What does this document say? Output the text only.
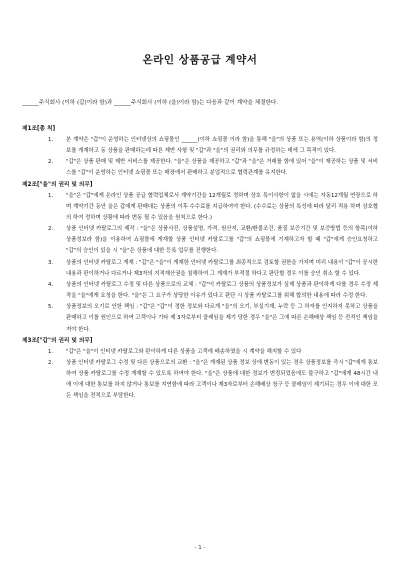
온라인 상품공급 계약서
______주식회사 (이하 (갑)이라 함)과 ______주식회사 (이하 (을)이라 함)는 다음과 같이 계약을 체결한다.

제1조[총 칙]

1.	본 계약은 "갑"이 운영하는 인터넷상의 쇼핑몰인 ______(이하 쇼핑몰 이라 함)을 통해 "을"의 상품 또는 용역(이하 상품이라 함)의 정보를 게재하고 동 상품을 판매하는데 따른 제반 사항 및 "갑"과 "을"의 권리와 의무를 규정하는 데에 그 목적이 있다.
2.	"갑"은 상품 판매 및 제반 서비스를 제공한다. "을"은 상품을 제공하고 "갑"과 "을"은 거래를 함에 있어 "을"이 제공하는 상품 및 서비스를 "갑"이 운영하는 인터넷 쇼핑몰 또는 매장에서 판매하고 분업적으로 협력관계를 유지한다.

제2조["을"의 권리 및 의무]

1.	"을"은 "갑"에게 온라인 상품 공급 협력업체로서 계약기간을 12개월로 정하며 상호 특이사항이 없을 시에는 자동12개월 연장으로 하며 계약기간 동안 을은 갑에게 판매대는 상품의 이후 수수료를 지급하여야 한다. (수수료는 상품의 특성에 따라 달리 적용 하며 상호협의 하여 정하며 상황에 따라 변동 될 수 있음을 원칙으로 한다.)
2.	상품 인터넷 카탈로그의 제작 : "을"은 상품사진, 상품설명, 가격, 원산지, 교환/환불조건, 품질 보증기간 및 보증방법 등의 항목(이하 상품정보라 함)을 이용하여 쇼핑몰에 게재할 상품 인터넷 카탈로그를 "갑"의 쇼핑몰에 기재하고자 할 때 "갑"에게 승인요청하고 "갑"의 승인이 있을 시 "을"은 상품에 대한 등록 업무를 진행한다.
3.	상품의 인터넷 카탈로그 게재 : "갑"은 "을"이 게재한 인터넷 카탈로그를 최종적으로 검토할 권한을 가지며 미리 내용이 "갑"이 공시한 내용과 판이하거나 다르거나 제3자의 지적재산권을 침해하여 그 게재가 부적절 하다고 판단할 경우 이를 승인 취소 할 수 있다.
4.	상품의 인터넷 카탈로그 수정 및 다른 상품으로의 교체 : "갑"이 카탈로그 상품의 상품정보가 실제 상품과 판이하게 다를 경우 수정 제작을 "을"에게 요청을 한다. "을"은 그 요구가 상당한 이유가 있다고 판단 시 상품 카탈로그를 위해 합의한 내용에 따라 수정 한다.
5.	상품정보의 오기로 인한 책임 : "갑"은 "갑"이 정한 정보와 다르게 "을"의 오기, 부실기재, 누락 등 그 하자를 인지하지 못하고 상품을 판매하고 이를 원인으로 하여 고객이나 기타 제 3자로부터 클레임을 제기 당한 경우 "을"은 그에 따른 손해배상 책임 등 전적인 책임을 져야 한다.

제3조["갑"의 권리 및 의무]

1.	"갑"은 "을"이 인터넷 카탈로그와 판이하게 다른 상품을 고객에 배송하였을 시 계약을 해지할 수 있다
2.	상품 인터넷 카탈로그 수정 및 다른 상품으로의 교환 : "을"은 게재된 상품 정보 상에 변동이 있는 경우 상품정보를 즉시 "갑"에게 통보하여 상품 카탈로그를 수정 게재할 수 있도록 하여야 한다. "을"은 상품에 대한 정보가 변경되었음에도 불구하고 "갑"에게 48시간 내에 이에 대한 통보를 하지 않거나 통보를 지연함에 따라 고객이나 제3자로부터 손해배상 청구 등 클레임이 제기되는 경우 이에 대한 모든 책임을 전적으로 부담한다.
- 1 -
